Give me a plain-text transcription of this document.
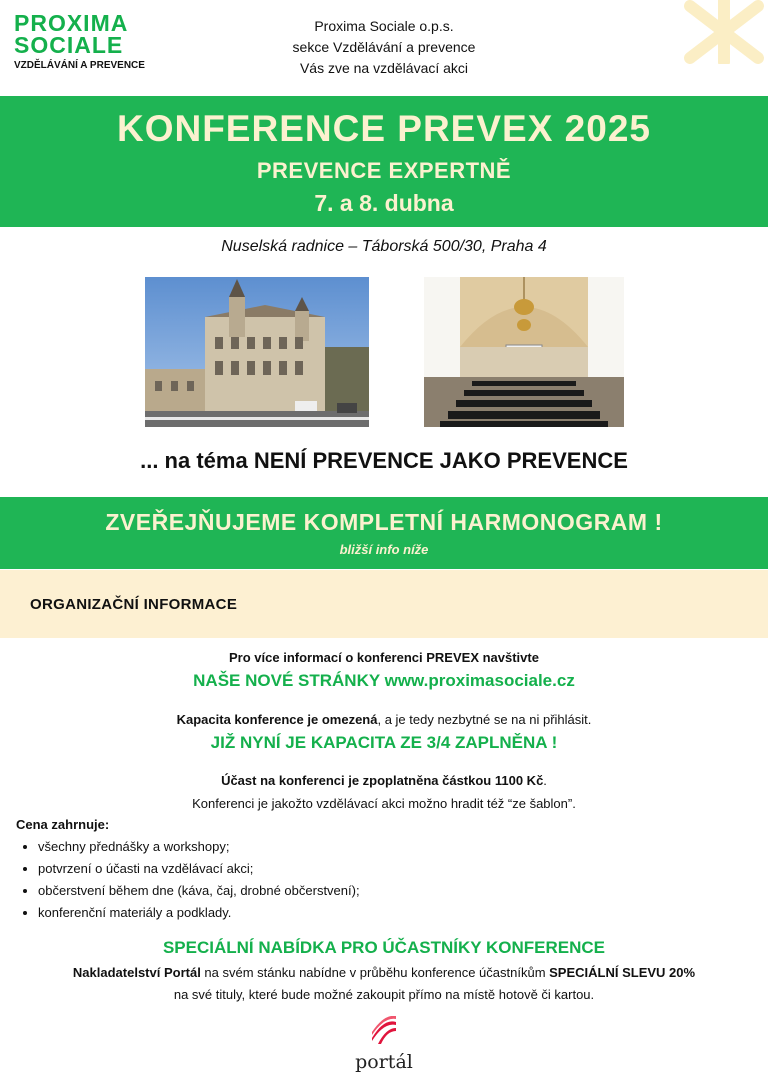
PROXIMA
SOCIALE
VZDĚLÁVÁNÍ A PREVENCE
Proxima Sociale o.p.s.
sekce Vzdělávání a prevence
Vás zve na vzdělávací akci
KONFERENCE PREVEX 2025
PREVENCE EXPERTNĚ
7. a 8. dubna
Nuselská radnice – Táborská 500/30, Praha 4
... na téma NENÍ PREVENCE JAKO PREVENCE
ZVEŘEJŇUJEME KOMPLETNÍ HARMONOGRAM !
bližší info níže
ORGANIZAČNÍ INFORMACE
Pro více informací o konferenci PREVEX navštivte
NAŠE NOVÉ STRÁNKY www.proximasociale.cz
Kapacita konference je omezená, a je tedy nezbytné se na ni přihlásit.
JIŽ NYNÍ JE KAPACITA ZE 3/4 ZAPLNĚNA !
Účast na konferenci je zpoplatněna částkou 1100 Kč.
Konferenci je jakožto vzdělávací akci možno hradit též “ze šablon”.
Cena zahrnuje:
• všechny přednášky a workshopy;
• potvrzení o účasti na vzdělávací akci;
• občerstvení během dne (káva, čaj, drobné občerstvení);
• konferenční materiály a podklady.
SPECIÁLNÍ NABÍDKA PRO ÚČASTNÍKY KONFERENCE
Nakladatelství Portál na svém stánku nabídne v průběhu konference účastníkům SPECIÁLNÍ SLEVU 20%
na své tituly, které bude možné zakoupit přímo na místě hotově či kartou.
portál
